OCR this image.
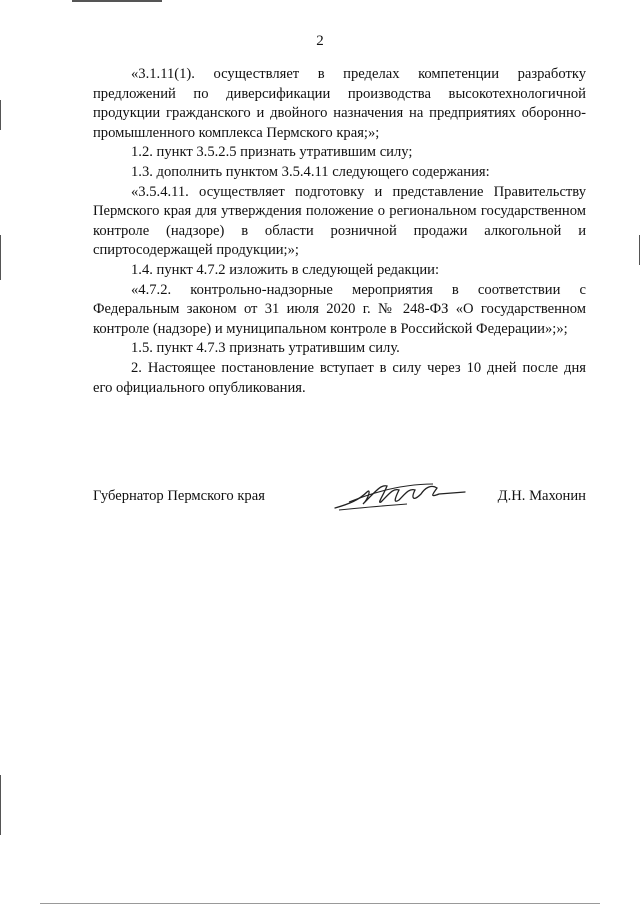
2

«3.1.11(1). осуществляет в пределах компетенции разработку предложений по диверсификации производства высокотехнологичной продукции гражданского и двойного назначения на предприятиях оборонно-промышленного комплекса Пермского края;»;

1.2. пункт 3.5.2.5 признать утратившим силу;

1.3. дополнить пунктом 3.5.4.11 следующего содержания:

«3.5.4.11. осуществляет подготовку и представление Правительству Пермского края для утверждения положение о региональном государственном контроле (надзоре) в области розничной продажи алкогольной и спиртосодержащей продукции;»;

1.4. пункт 4.7.2 изложить в следующей редакции:

«4.7.2. контрольно-надзорные мероприятия в соответствии с Федеральным законом от 31 июля 2020 г. № 248-ФЗ «О государственном контроле (надзоре) и муниципальном контроле в Российской Федерации»;»;

1.5. пункт 4.7.3 признать утратившим силу.

2. Настоящее постановление вступает в силу через 10 дней после дня его официального опубликования.

Губернатор Пермского края	Д.Н. Махонин
